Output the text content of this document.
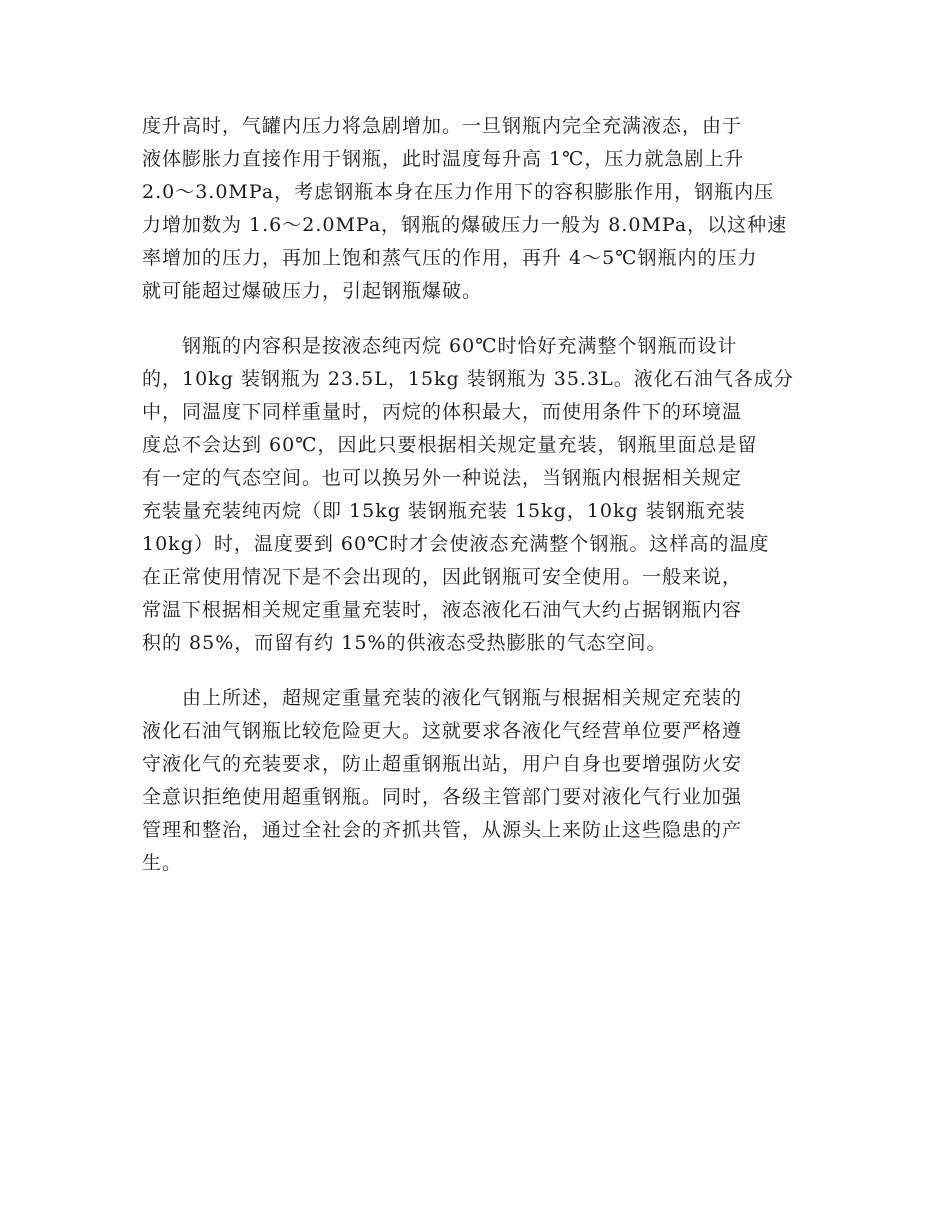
度升高时，气罐内压力将急剧增加。一旦钢瓶内完全充满液态，由于
液体膨胀力直接作用于钢瓶，此时温度每升高 1℃，压力就急剧上升
2.0～3.0MPa，考虑钢瓶本身在压力作用下的容积膨胀作用，钢瓶内压
力增加数为 1.6～2.0MPa，钢瓶的爆破压力一般为 8.0MPa，以这种速
率增加的压力，再加上饱和蒸气压的作用，再升 4～5℃钢瓶内的压力
就可能超过爆破压力，引起钢瓶爆破。
钢瓶的内容积是按液态纯丙烷 60℃时恰好充满整个钢瓶而设计
的，10kg 装钢瓶为 23.5L，15kg 装钢瓶为 35.3L。液化石油气各成分
中，同温度下同样重量时，丙烷的体积最大，而使用条件下的环境温
度总不会达到 60℃，因此只要根据相关规定量充装，钢瓶里面总是留
有一定的气态空间。也可以换另外一种说法，当钢瓶内根据相关规定
充装量充装纯丙烷（即 15kg 装钢瓶充装 15kg，10kg 装钢瓶充装
10kg）时，温度要到 60℃时才会使液态充满整个钢瓶。这样高的温度
在正常使用情况下是不会出现的，因此钢瓶可安全使用。一般来说，
常温下根据相关规定重量充装时，液态液化石油气大约占据钢瓶内容
积的 85%，而留有约 15%的供液态受热膨胀的气态空间。
由上所述，超规定重量充装的液化气钢瓶与根据相关规定充装的
液化石油气钢瓶比较危险更大。这就要求各液化气经营单位要严格遵
守液化气的充装要求，防止超重钢瓶出站，用户自身也要增强防火安
全意识拒绝使用超重钢瓶。同时，各级主管部门要对液化气行业加强
管理和整治，通过全社会的齐抓共管，从源头上来防止这些隐患的产
生。
